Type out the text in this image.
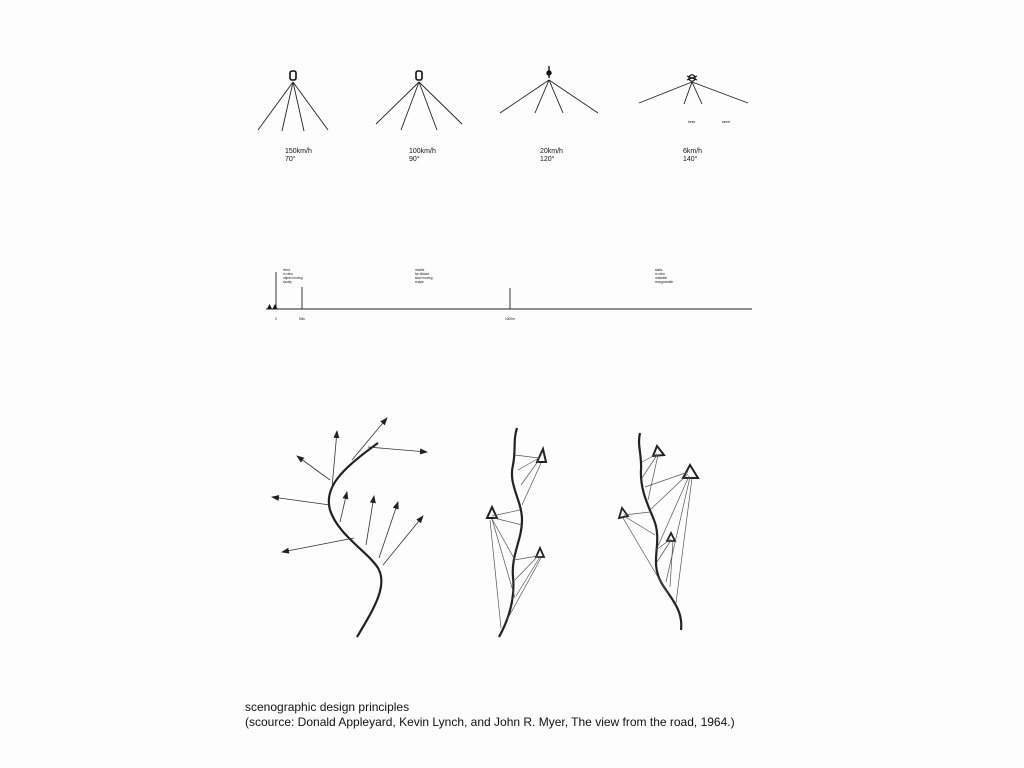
150km/h
70°
100km/h
90°
20km/h
120°
trees	street
6km/h
140°
0	50m	1000m
fixed
in view
object moving
slowly
mobile
far distant
slow moving
shape
static
in view
unstable
recognizable
scenographic design principles
(scource: Donald Appleyard, Kevin Lynch, and John R. Myer, The view from the road, 1964.)
